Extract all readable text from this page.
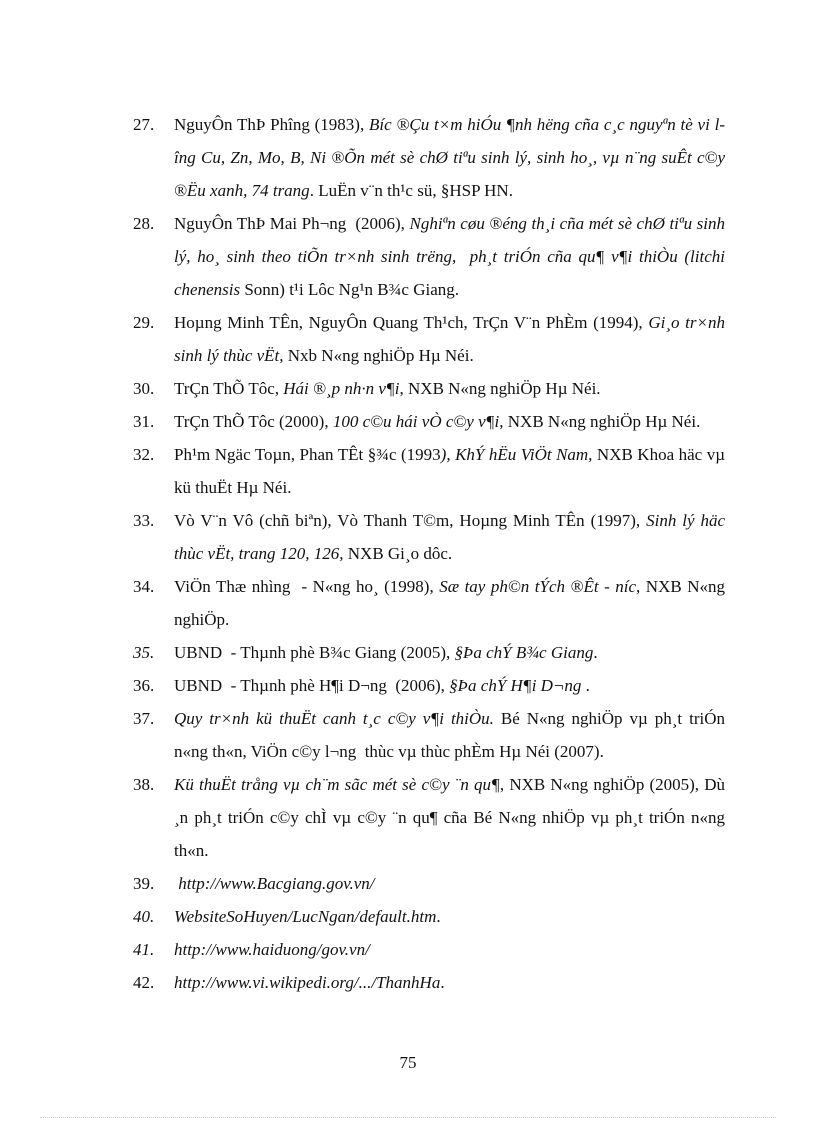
27. NguyÔn ThÞ Phîng (1983), Bíc ®Çu t×m hiÓu ¶nh hëng cña c¸c nguyªn tè vi lîng Cu, Zn, Mo, B, Ni ®Õn mét sè chØ tiªu sinh lý, sinh ho¸, vµ n¨ng suÊt c©y ®Ëu xanh, 74 trang. LuËn v¨n th¹c sü, §HSP HN.
28. NguyÔn ThÞ Mai Ph¬ng  (2006), Nghiªn cøu ®éng th¸i cña mét sè chØ tiªu sinh lý, ho¸ sinh theo tiÕn tr×nh sinh trëng,  ph¸t triÓn cña qu¶ v¶i thiÒu (litchi chenensis Sonn) t¹i Lôc Ng¹n B¾c Giang.
29. Hoµng Minh TÊn, NguyÔn Quang Th¹ch, TrÇn V¨n PhÈm (1994), Gi¸o tr×nh sinh lý thùc vËt, Nxb N«ng nghiÖp Hµ Néi.
30. TrÇn ThÕ Tôc, Hái ®¸p nh·n v¶i, NXB N«ng nghiÖp Hµ Néi.
31. TrÇn ThÕ Tôc (2000), 100 c©u hái vÒ c©y v¶i, NXB N«ng nghiÖp Hµ Néi.
32. Ph¹m Ngäc Toµn, Phan TÊt §¾c (1993), KhÝ hËu ViÖt Nam, NXB Khoa häc vµ kü thuËt Hµ Néi.
33. Vò V¨n Vô (chñ biªn), Vò Thanh T©m, Hoµng Minh TÊn (1997), Sinh lý häc thùc vËt, trang 120, 126, NXB Gi¸o dôc.
34. ViÖn Thæ nhìng  - N«ng ho¸ (1998), Sæ tay ph©n tÝch ®Êt - níc, NXB N«ng nghiÖp.
35. UBND  - Thµnh phè B¾c Giang (2005), §Þa chÝ B¾c Giang.
36. UBND  - Thµnh phè H¶i D¬ng  (2006), §Þa chÝ H¶i D¬ng .
37. Quy tr×nh kü thuËt canh t¸c c©y v¶i thiÒu. Bé N«ng nghiÖp vµ ph¸t triÓn n«ng th«n, ViÖn c©y l¬ng  thùc vµ thùc phÈm Hµ Néi (2007).
38. Kü thuËt trång vµ ch¨m sãc mét sè c©y ¨n qu¶, NXB N«ng nghiÖp (2005), Dù ¸n ph¸t triÓn c©y chÌ vµ c©y ¨n qu¶ cña Bé N«ng nhiÖp vµ ph¸t triÓn n«ng th«n.
39. http://www.Bacgiang.gov.vn/
40. WebsiteSoHuyen/LucNgan/default.htm.
41. http://www.haiduong/gov.vn/
42. http://www.vi.wikipedi.org/.../ThanhHa.
75
